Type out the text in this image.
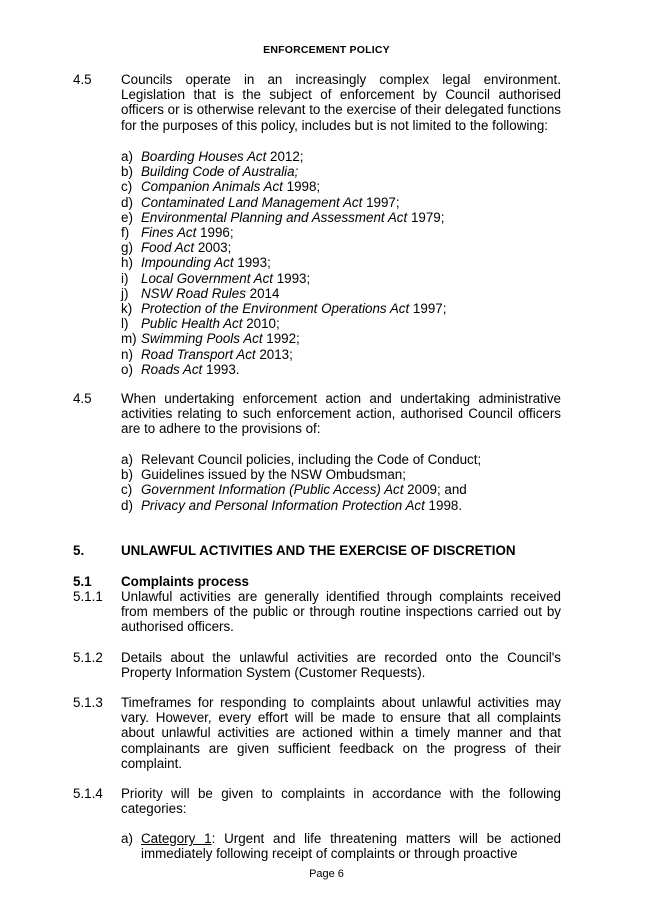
ENFORCEMENT POLICY
4.5 Councils operate in an increasingly complex legal environment. Legislation that is the subject of enforcement by Council authorised officers or is otherwise relevant to the exercise of their delegated functions for the purposes of this policy, includes but is not limited to the following:
a) Boarding Houses Act 2012;
b) Building Code of Australia;
c) Companion Animals Act 1998;
d) Contaminated Land Management Act 1997;
e) Environmental Planning and Assessment Act 1979;
f) Fines Act 1996;
g) Food Act 2003;
h) Impounding Act 1993;
i) Local Government Act 1993;
j) NSW Road Rules 2014
k) Protection of the Environment Operations Act 1997;
l) Public Health Act 2010;
m) Swimming Pools Act 1992;
n) Road Transport Act 2013;
o) Roads Act 1993.
4.5 When undertaking enforcement action and undertaking administrative activities relating to such enforcement action, authorised Council officers are to adhere to the provisions of:
a) Relevant Council policies, including the Code of Conduct;
b) Guidelines issued by the NSW Ombudsman;
c) Government Information (Public Access) Act 2009; and
d) Privacy and Personal Information Protection Act 1998.
5.	UNLAWFUL ACTIVITIES AND THE EXERCISE OF DISCRETION
5.1 Complaints process
5.1.1 Unlawful activities are generally identified through complaints received from members of the public or through routine inspections carried out by authorised officers.
5.1.2 Details about the unlawful activities are recorded onto the Council's Property Information System (Customer Requests).
5.1.3 Timeframes for responding to complaints about unlawful activities may vary. However, every effort will be made to ensure that all complaints about unlawful activities are actioned within a timely manner and that complainants are given sufficient feedback on the progress of their complaint.
5.1.4 Priority will be given to complaints in accordance with the following categories:
a) Category 1: Urgent and life threatening matters will be actioned immediately following receipt of complaints or through proactive
Page 6
